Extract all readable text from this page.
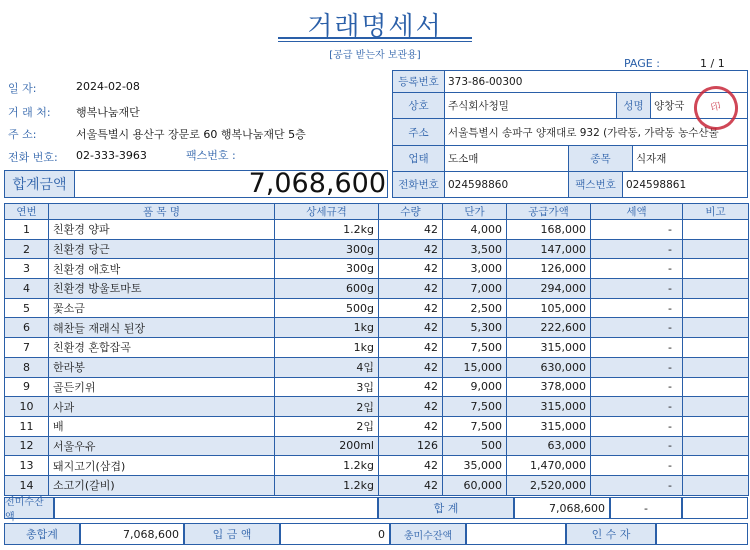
거래명세서
[공급 받는자 보관용]
PAGE :	1 / 1
일 자:	2024-02-08
거 래 처: 행복나눔재단
주 소:	서울특별시 용산구 장문로 60 행복나눔재단 5층
전화 번호: 02-333-3963	팩스번호 :
등록번호 373-86-00300
상호	주식회사청밀	성명 양창국
주소	서울특별시 송파구 양재대로 932 (가락동, 가락동 농수산물
업태	도소매	종목	식자재
전화번호 024598860	팩스번호 024598861
印
합계금액	7,068,600
연번	품 목 명	상세규격	수량	단가	공급가액	세액	비고
1	친환경 양파	1.2kg	42	4,000	168,000	-	
2	친환경 당근	300g	42	3,500	147,000	-	
3	친환경 애호박	300g	42	3,000	126,000	-	
4	친환경 방울토마토	600g	42	7,000	294,000	-	
5	꽃소금	500g	42	2,500	105,000	-	
6	해찬들 재래식 된장	1kg	42	5,300	222,600	-	
7	친환경 혼합잡곡	1kg	42	7,500	315,000	-	
8	한라봉	4입	42	15,000	630,000	-	
9	골든키위	3입	42	9,000	378,000	-	
10	사과	2입	42	7,500	315,000	-	
11	배	2입	42	7,500	315,000	-	
12	서울우유	200ml	126	500	63,000	-	
13	돼지고기(삼겹)	1.2kg	42	35,000	1,470,000	-	
14	소고기(갈비)	1.2kg	42	60,000	2,520,000	-	
전미수잔액
합 계	7,068,600	-
총합계	7,068,600	입 금 액	0	총미수잔액	인 수 자
